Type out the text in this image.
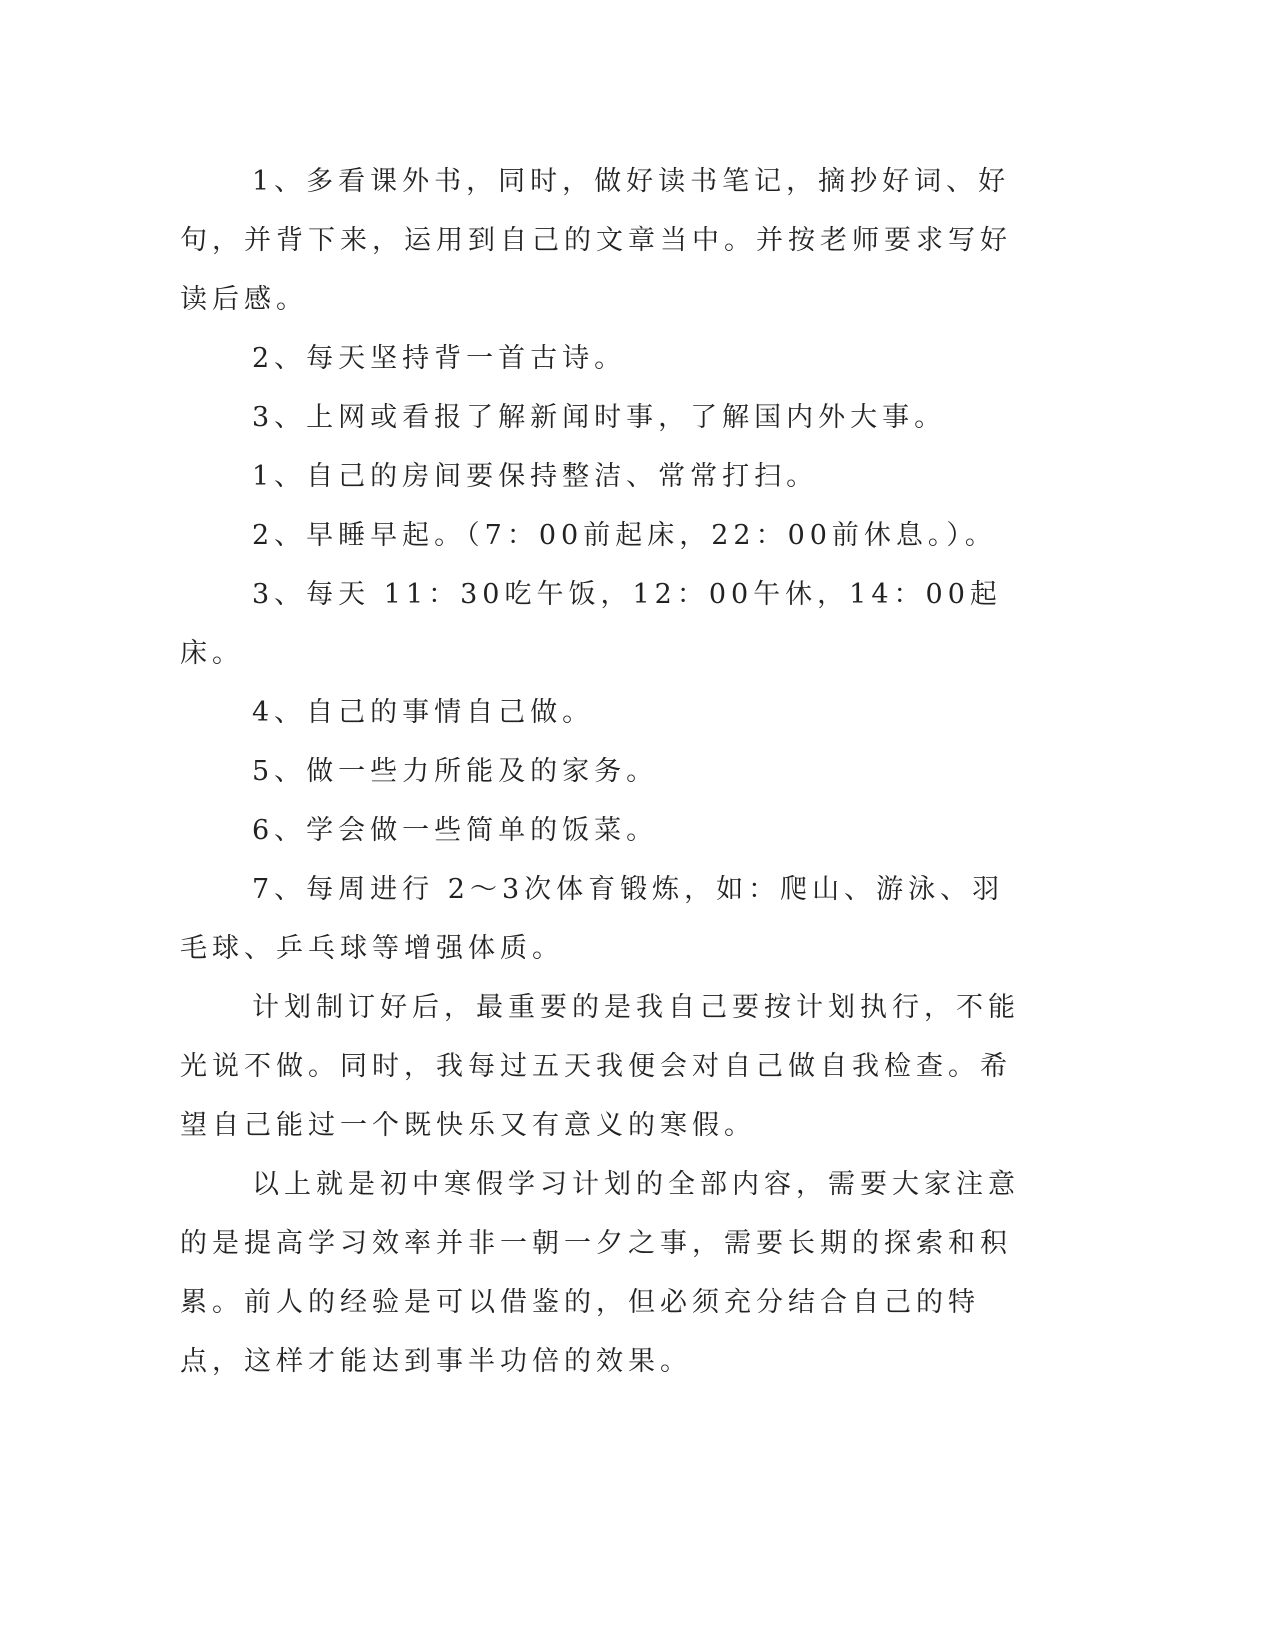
1、多看课外书，同时，做好读书笔记，摘抄好词、好句，并背下来，运用到自己的文章当中。并按老师要求写好读后感。

2、每天坚持背一首古诗。

3、上网或看报了解新闻时事，了解国内外大事。

1、自己的房间要保持整洁、常常打扫。

2、早睡早起。（7：00前起床，22：00前休息。）。

3、每天 11：30吃午饭，12：00午休，14：00起床。

4、自己的事情自己做。

5、做一些力所能及的家务。

6、学会做一些简单的饭菜。

7、每周进行 2～3次体育锻炼，如：爬山、游泳、羽毛球、乒乓球等增强体质。

计划制订好后，最重要的是我自己要按计划执行，不能光说不做。同时，我每过五天我便会对自己做自我检查。希望自己能过一个既快乐又有意义的寒假。

以上就是初中寒假学习计划的全部内容，需要大家注意的是提高学习效率并非一朝一夕之事，需要长期的探索和积累。前人的经验是可以借鉴的，但必须充分结合自己的特点，这样才能达到事半功倍的效果。
